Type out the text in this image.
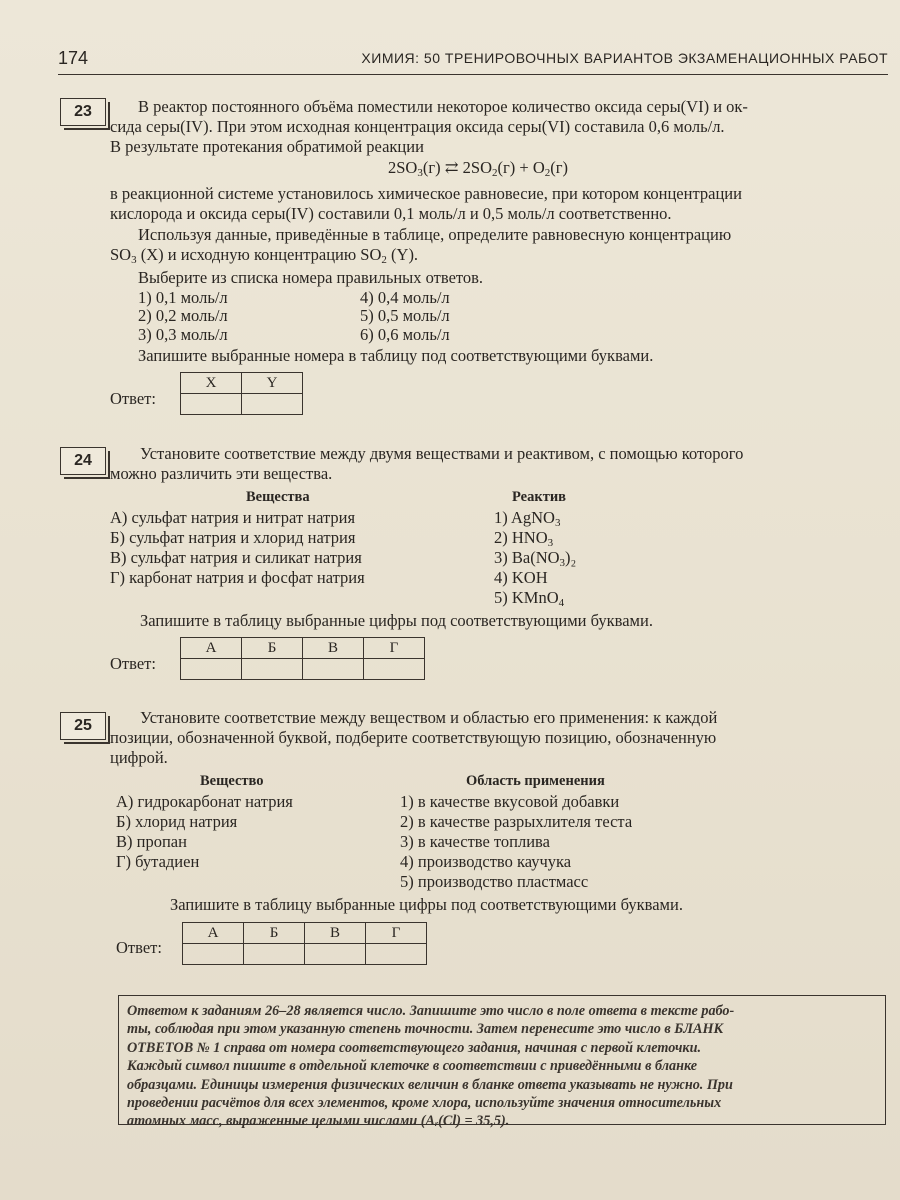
174	ХИМИЯ: 50 ТРЕНИРОВОЧНЫХ ВАРИАНТОВ ЭКЗАМЕНАЦИОННЫХ РАБОТ
23	В реактор постоянного объёма поместили некоторое количество оксида серы(VI) и ок-
сида серы(IV). При этом исходная концентрация оксида серы(VI) составила 0,6 моль/л.
В результате протекания обратимой реакции
$2SO_3(г)$ ⇄ $2SO_2(г) + O_2(г)$
в реакционной системе установилось химическое равновесие, при котором концентрации
кислорода и оксида серы(IV) составили 0,1 моль/л и 0,5 моль/л соответственно.
Используя данные, приведённые в таблице, определите равновесную концентрацию
$SO_3$ (X) и исходную концентрацию $SO_2$ (Y).
Выберите из списка номера правильных ответов.
1) 0,1 моль/л
2) 0,2 моль/л
3) 0,3 моль/л
4) 0,4 моль/л
5) 0,5 моль/л
6) 0,6 моль/л
Запишите выбранные номера в таблицу под соответствующими буквами.
Ответ:
X	Y

24	Установите соответствие между двумя веществами и реактивом, с помощью которого
можно различить эти вещества.
Вещества	Реактив
А) сульфат натрия и нитрат натрия
Б) сульфат натрия и хлорид натрия
В) сульфат натрия и силикат натрия
Г) карбонат натрия и фосфат натрия
1) AgNO$_3$
2) $HNO_3$
3) $Ba(NO_3)_2$
4) KOH
5) KMnO$_4$
Запишите в таблицу выбранные цифры под соответствующими буквами.
Ответ:
А	Б	В	Г

25	Установите соответствие между веществом и областью его применения: к каждой
позиции, обозначенной буквой, подберите соответствующую позицию, обозначенную
цифрой.
Вещество	Область применения
А) гидрокарбонат натрия
Б) хлорид натрия
В) пропан
Г) бутадиен
1) в качестве вкусовой добавки
2) в качестве разрыхлителя теста
3) в качестве топлива
4) производство каучука
5) производство пластмасс
Запишите в таблицу выбранные цифры под соответствующими буквами.
Ответ:
А	Б	В	Г

Ответом к заданиям 26–28 является число. Запишите это число в поле ответа в тексте рабо-
ты, соблюдая при этом указанную степень точности. Затем перенесите это число в БЛАНК
ОТВЕТОВ № 1 справа от номера соответствующего задания, начиная с первой клеточки.
Каждый символ пишите в отдельной клеточке в соответствии с приведёнными в бланке
образцами. Единицы измерения физических величин в бланке ответа указывать не нужно. При
проведении расчётов для всех элементов, кроме хлора, используйте значения относительных
атомных масс, выраженные целыми числами (Aᵣ(Cl) = 35,5).
